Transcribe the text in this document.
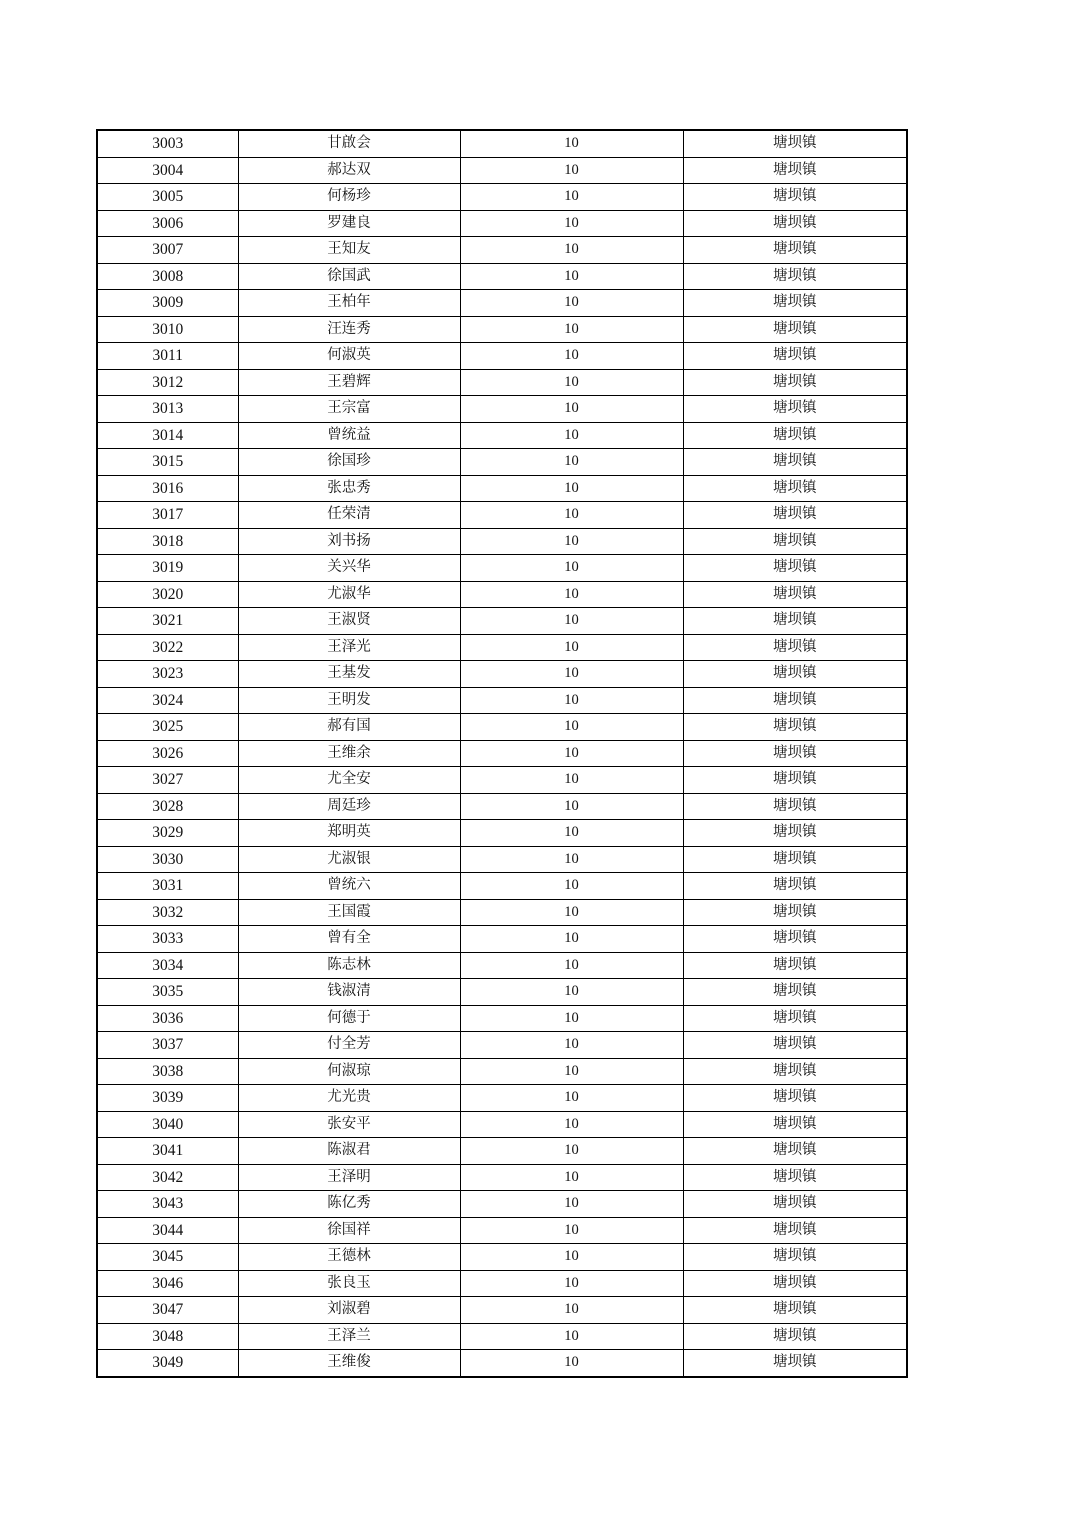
3003	甘啟会	10	塘坝镇
3004	郝达双	10	塘坝镇
3005	何杨珍	10	塘坝镇
3006	罗建良	10	塘坝镇
3007	王知友	10	塘坝镇
3008	徐国武	10	塘坝镇
3009	王柏年	10	塘坝镇
3010	汪连秀	10	塘坝镇
3011	何淑英	10	塘坝镇
3012	王碧辉	10	塘坝镇
3013	王宗富	10	塘坝镇
3014	曾统益	10	塘坝镇
3015	徐国珍	10	塘坝镇
3016	张忠秀	10	塘坝镇
3017	任荣清	10	塘坝镇
3018	刘书扬	10	塘坝镇
3019	关兴华	10	塘坝镇
3020	尤淑华	10	塘坝镇
3021	王淑贤	10	塘坝镇
3022	王泽光	10	塘坝镇
3023	王基发	10	塘坝镇
3024	王明发	10	塘坝镇
3025	郝有国	10	塘坝镇
3026	王维余	10	塘坝镇
3027	尤全安	10	塘坝镇
3028	周廷珍	10	塘坝镇
3029	郑明英	10	塘坝镇
3030	尤淑银	10	塘坝镇
3031	曾统六	10	塘坝镇
3032	王国霞	10	塘坝镇
3033	曾有全	10	塘坝镇
3034	陈志林	10	塘坝镇
3035	钱淑清	10	塘坝镇
3036	何德于	10	塘坝镇
3037	付全芳	10	塘坝镇
3038	何淑琼	10	塘坝镇
3039	尤光贵	10	塘坝镇
3040	张安平	10	塘坝镇
3041	陈淑君	10	塘坝镇
3042	王泽明	10	塘坝镇
3043	陈亿秀	10	塘坝镇
3044	徐国祥	10	塘坝镇
3045	王德林	10	塘坝镇
3046	张良玉	10	塘坝镇
3047	刘淑碧	10	塘坝镇
3048	王泽兰	10	塘坝镇
3049	王维俊	10	塘坝镇
